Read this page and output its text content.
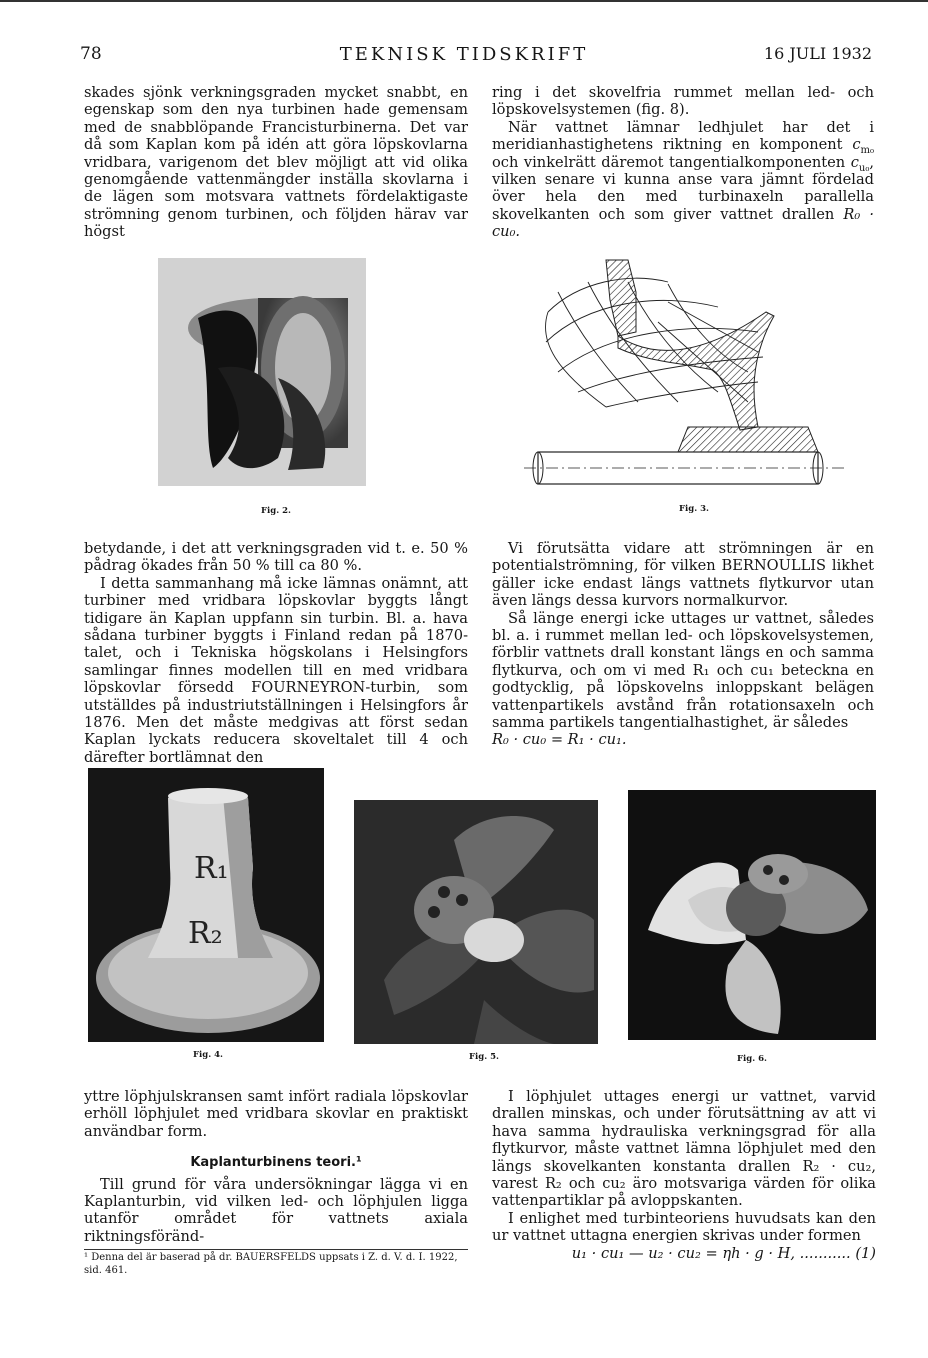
78	TEKNISK TIDSKRIFT	16 JULI 1932

skades sjönk verkningsgraden mycket snabbt, en egenskap som den nya turbinen hade gemensam med de snabblöpande Francisturbinerna. Det var då som Kaplan kom på idén att göra löpskovlarna vridbara, varigenom det blev möjligt att vid olika genomgående vattenmängder inställa skovlarna i de lägen som motsvara vattnets fördelaktigaste strömning genom turbinen, och följden härav var högst

ring i det skovelfria rummet mellan led- och löpskovelsystemen (fig. 8).

När vattnet lämnar ledhjulet har det i meridianhastighetens riktning en komponent $c_{m_0}$ och vinkelrätt däremot tangentialkomponenten $c_{u_0}$, vilken senare vi kunna anse vara jämnt fördelad över hela den med turbinaxeln parallella skovelkanten och som giver vattnet drallen R₀ · cu₀.

Fig. 2.	Fig. 3.

betydande, i det att verkningsgraden vid t. e. 50 % pådrag ökades från 50 % till ca 80 %.

I detta sammanhang må icke lämnas onämnt, att turbiner med vridbara löpskovlar byggts långt tidigare än Kaplan uppfann sin turbin. Bl. a. hava sådana turbiner byggts i Finland redan på 1870-talet, och i Tekniska högskolans i Helsingfors samlingar finnes modellen till en med vridbara löpskovlar försedd FOURNEYRON-turbin, som utställdes på industriutställningen i Helsingfors år 1876. Men det måste medgivas att först sedan Kaplan lyckats reducera skoveltalet till 4 och därefter bortlämnat den

Vi förutsätta vidare att strömningen är en potentialströmning, för vilken BERNOULLIS likhet gäller icke endast längs vattnets flytkurvor utan även längs dessa kurvors normalkurvor.

Så länge energi icke uttages ur vattnet, således bl. a. i rummet mellan led- och löpskovelsystemen, förblir vattnets drall konstant längs en och samma flytkurva, och om vi med R₁ och cu₁ beteckna en godtycklig, på löpskovelns inloppskant belägen vattenpartikels avstånd från rotationsaxeln och samma partikels tangentialhastighet, är således

R₀ · cu₀ = R₁ · cu₁.

R₁
R₂
Fig. 4.	Fig. 5.	Fig. 6.

yttre löphjulskransen samt infört radiala löpskovlar erhöll löphjulet med vridbara skovlar en praktiskt användbar form.

Kaplanturbinens teori.¹

Till grund för våra undersökningar lägga vi en Kaplanturbin, vid vilken led- och löphjulen ligga utanför området för vattnets axiala riktningsföränd-

¹ Denna del är baserad på dr. BAUERSFELDS uppsats i Z. d. V. d. I. 1922, sid. 461.

I löphjulet uttages energi ur vattnet, varvid drallen minskas, och under förutsättning av att vi hava samma hydrauliska verkningsgrad för alla flytkurvor, måste vattnet lämna löphjulet med den längs skovelkanten konstanta drallen R₂ · cu₂, varest R₂ och cu₂ äro motsvariga värden för olika vattenpartiklar på avloppskanten.

I enlighet med turbinteoriens huvudsats kan den ur vattnet uttagna energien skrivas under formen

u₁ · cu₁ — u₂ · cu₂ = ηh · g · H, ........... (1)
